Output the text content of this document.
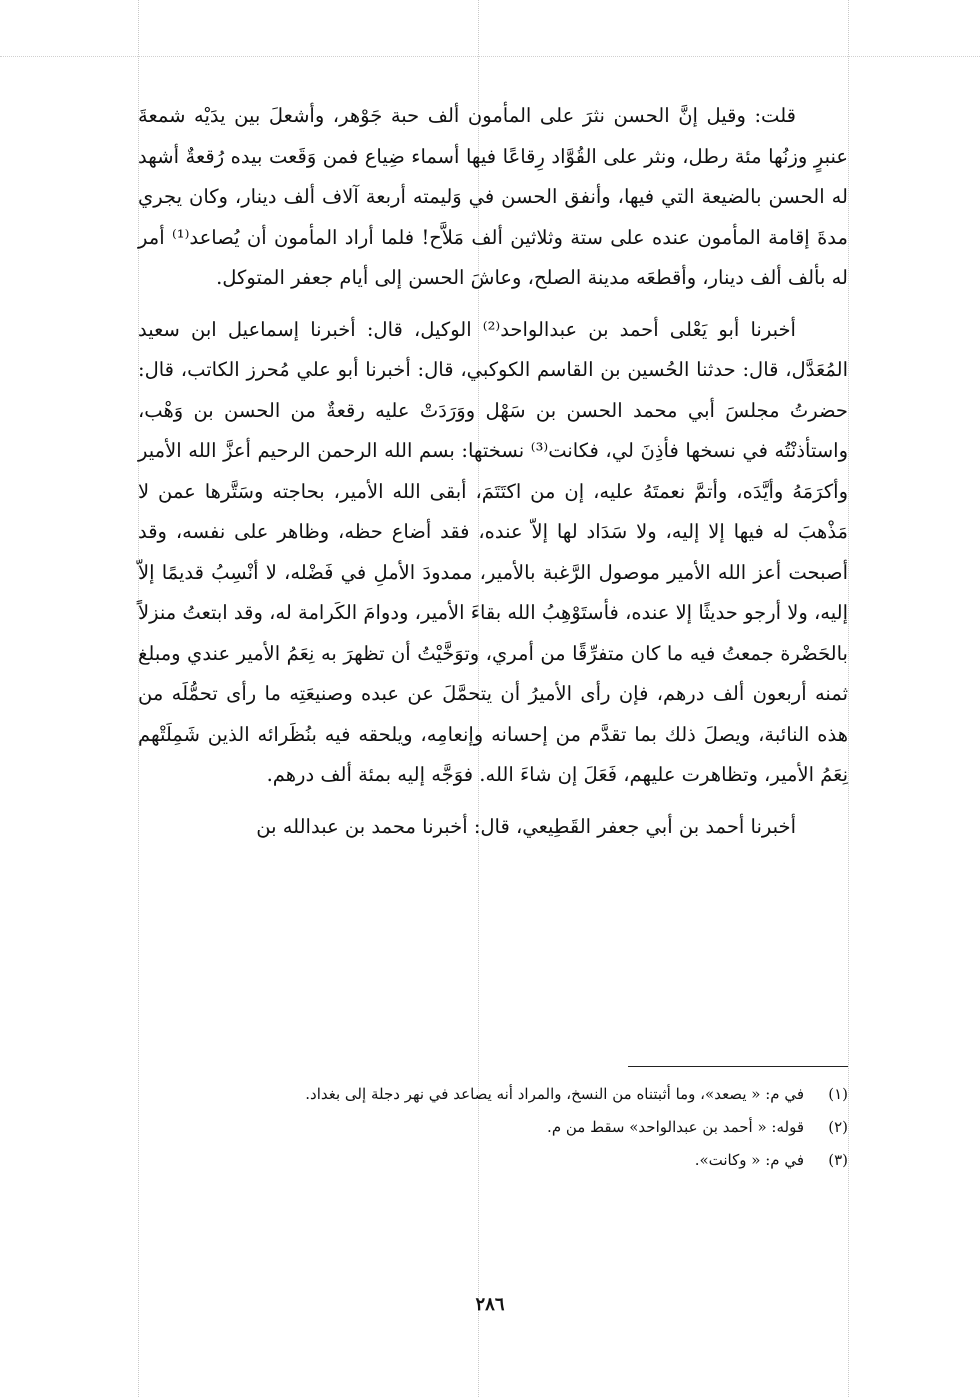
قلت: وقيل إنَّ الحسن نثرَ على المأمون ألف حبة جَوْهر، وأشعلَ بين يدَيْه شمعةَ عنبرٍ وزنُها مئة رطل، ونثر على القُوَّاد رِقاعًا فيها أسماء ضِياع فمن وَقَعت بيده رُقعةٌ أشهد له الحسن بالضيعة التي فيها، وأنفق الحسن في وَليمته أربعة آلاف ألف دينار، وكان يجري مدةَ إقامة المأمون عنده على ستة وثلاثين ألف مَلاَّح! فلما أراد المأمون أن يُصاعد⁽¹⁾ أمر له بألف ألف دينار، وأقطعَه مدينة الصلح، وعاشَ الحسن إلى أيام جعفر المتوكل.

أخبرنا أبو يَعْلى أحمد بن عبدالواحد⁽²⁾ الوكيل، قال: أخبرنا إسماعيل ابن سعيد المُعَدَّل، قال: حدثنا الحُسين بن القاسم الكوكبي، قال: أخبرنا أبو علي مُحرز الكاتب، قال: حضرتُ مجلسَ أبي محمد الحسن بن سَهْل ووَرَدَتْ عليه رقعةٌ من الحسن بن وَهْب، واستأذنْتُه في نسخها فأذِنَ لي، فكانت⁽³⁾ نسختها: بسم الله الرحمن الرحيم أعزَّ الله الأمير وأكرَمَهُ وأيَّدَه، وأتمَّ نعمتَهُ عليه، إن من اكتَتَمَ، أبقى الله الأمير، بحاجته وسَتَّرها عمن لا مَذْهبَ له فيها إلا إليه، ولا سَدَاد لها إلاّ عنده، فقد أضاع حظه، وظاهر على نفسه، وقد أصبحت أعز الله الأمير موصول الرَّغبة بالأمير، ممدودَ الأملِ في فَضْله، لا أنْسِبُ قديمًا إلاّ إليه، ولا أرجو حديثًا إلا عنده، فأستَوْهِبُ الله بقاءَ الأمير، ودوامَ الكَرامة له، وقد ابتعتُ منزلاً بالحَضْرة جمعتُ فيه ما كان متفرِّقًا من أمري، وتوَخَّيْتُ أن تظهرَ به نِعَمُ الأمير عندي ومبلغ ثمنه أربعون ألف درهم، فإن رأى الأميرُ أن يتحمَّلَ عن عبده وصنيعَتِه ما رأى تحمُّلَه من هذه النائبة، ويصلَ ذلك بما تقدَّم من إحسانه وإنعامِه، ويلحقه فيه بنُظَرائه الذين شَمِلَتْهم نِعَمُ الأمير، وتظاهرت عليهم، فَعَلَ إن شاءَ الله. فوَجَّه إليه بمئة ألف درهم.

أخبرنا أحمد بن أبي جعفر القَطِيعي، قال: أخبرنا محمد بن عبدالله بن

(١)في م: « يصعد»، وما أثبتناه من النسخ، والمراد أنه يصاعد في نهر دجلة إلى بغداد.
(٢)قوله: « أحمد بن عبدالواحد» سقط من م.
(٣)في م: « وكانت».
٢٨٦
